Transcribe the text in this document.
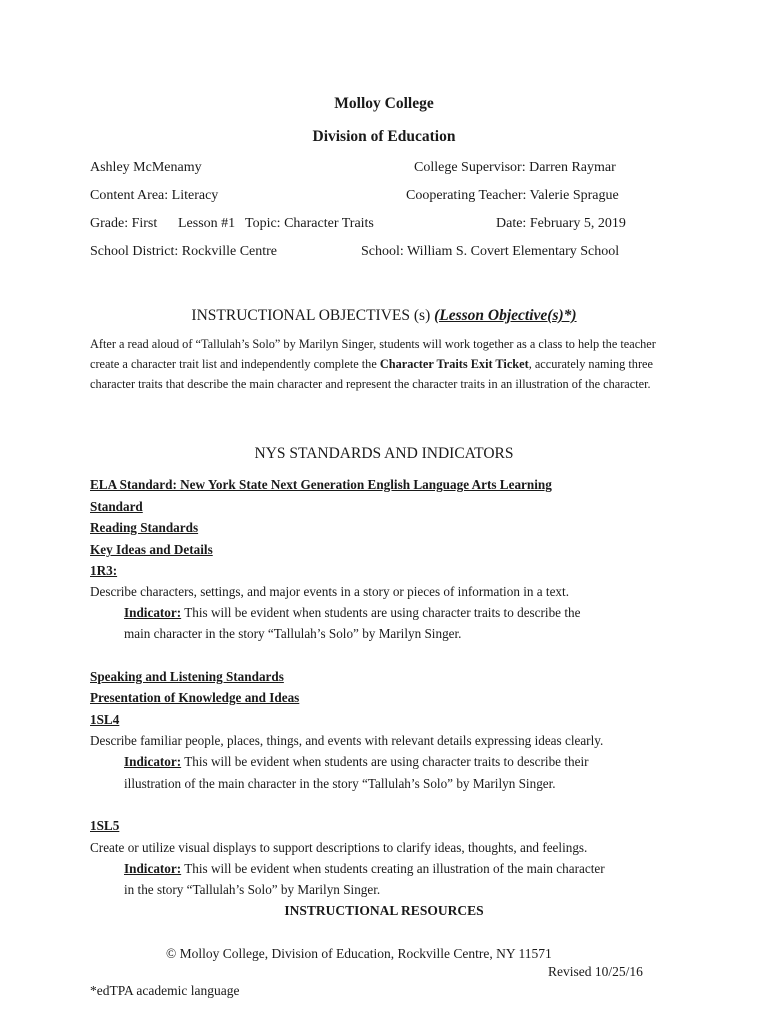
Molloy College
Division of Education
Ashley McMenamy	College Supervisor: Darren Raymar
Content Area: Literacy	Cooperating Teacher: Valerie Sprague
Grade: First Lesson #1 Topic: Character Traits	Date: February 5, 2019
School District: Rockville Centre	School: William S. Covert Elementary School
INSTRUCTIONAL OBJECTIVES (s) (Lesson Objective(s)*)
After a read aloud of “Tallulah’s Solo” by Marilyn Singer, students will work together as a class to help the teacher create a character trait list and independently complete the Character Traits Exit Ticket, accurately naming three character traits that describe the main character and represent the character traits in an illustration of the character.
NYS STANDARDS AND INDICATORS
ELA Standard: New York State Next Generation English Language Arts Learning
Standard
Reading Standards
Key Ideas and Details
1R3:
Describe characters, settings, and major events in a story or pieces of information in a text.
Indicator: This will be evident when students are using character traits to describe the
main character in the story “Tallulah’s Solo” by Marilyn Singer.
Speaking and Listening Standards
Presentation of Knowledge and Ideas
1SL4
Describe familiar people, places, things, and events with relevant details expressing ideas clearly.
Indicator: This will be evident when students are using character traits to describe their
illustration of the main character in the story “Tallulah’s Solo” by Marilyn Singer.
1SL5
Create or utilize visual displays to support descriptions to clarify ideas, thoughts, and feelings.
Indicator: This will be evident when students creating an illustration of the main character
in the story “Tallulah’s Solo” by Marilyn Singer.
INSTRUCTIONAL RESOURCES
© Molloy College, Division of Education, Rockville Centre, NY 11571
Revised 10/25/16
*edTPA academic language
